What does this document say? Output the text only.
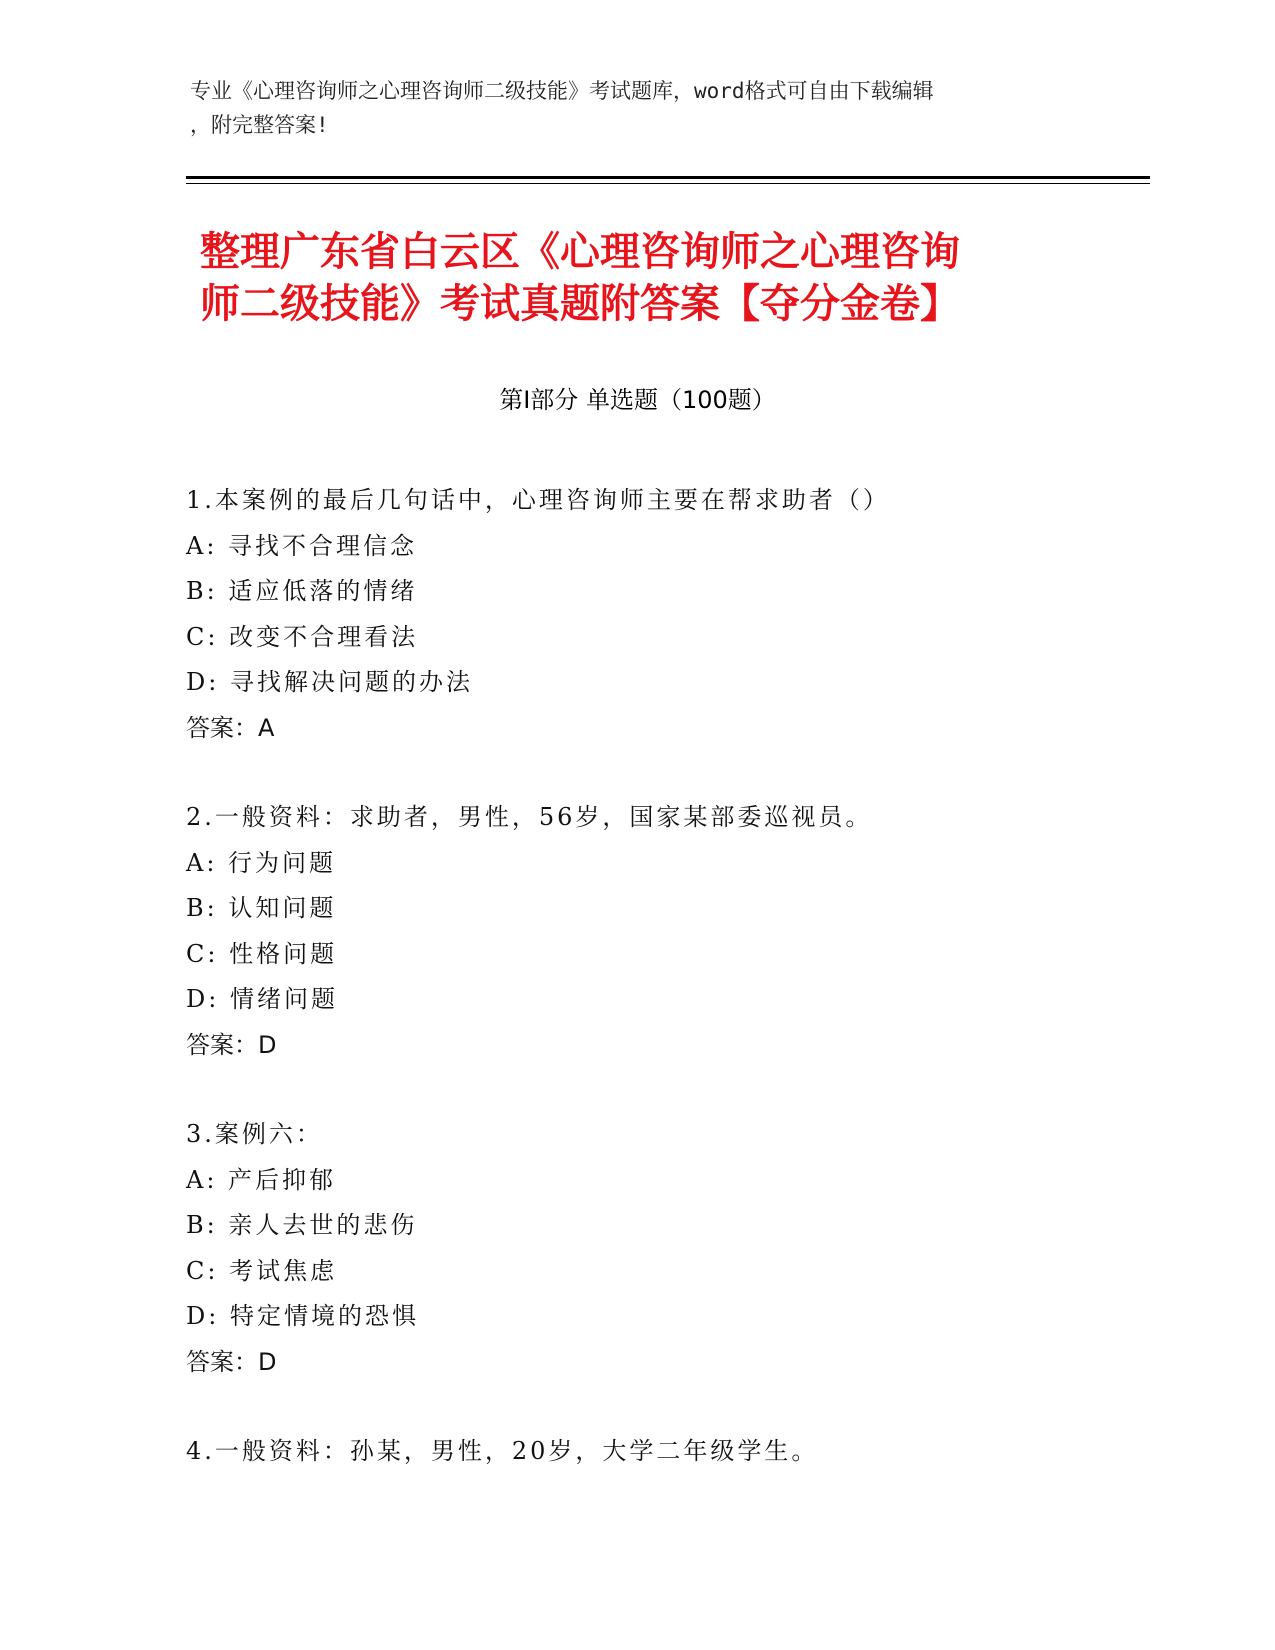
专业《心理咨询师之心理咨询师二级技能》考试题库，word格式可自由下载编辑
，附完整答案!
整理广东省白云区《心理咨询师之心理咨询
师二级技能》考试真题附答案【夺分金卷】
第Ⅰ部分 单选题（100题）
1.本案例的最后几句话中，心理咨询师主要在帮求助者（）
A: 寻找不合理信念
B: 适应低落的情绪
C: 改变不合理看法
D: 寻找解决问题的办法
答案：A
2.一般资料：求助者，男性，56岁，国家某部委巡视员。
A: 行为问题
B: 认知问题
C: 性格问题
D: 情绪问题
答案：D
3.案例六：
A: 产后抑郁
B: 亲人去世的悲伤
C: 考试焦虑
D: 特定情境的恐惧
答案：D
4.一般资料：孙某，男性，20岁，大学二年级学生。
